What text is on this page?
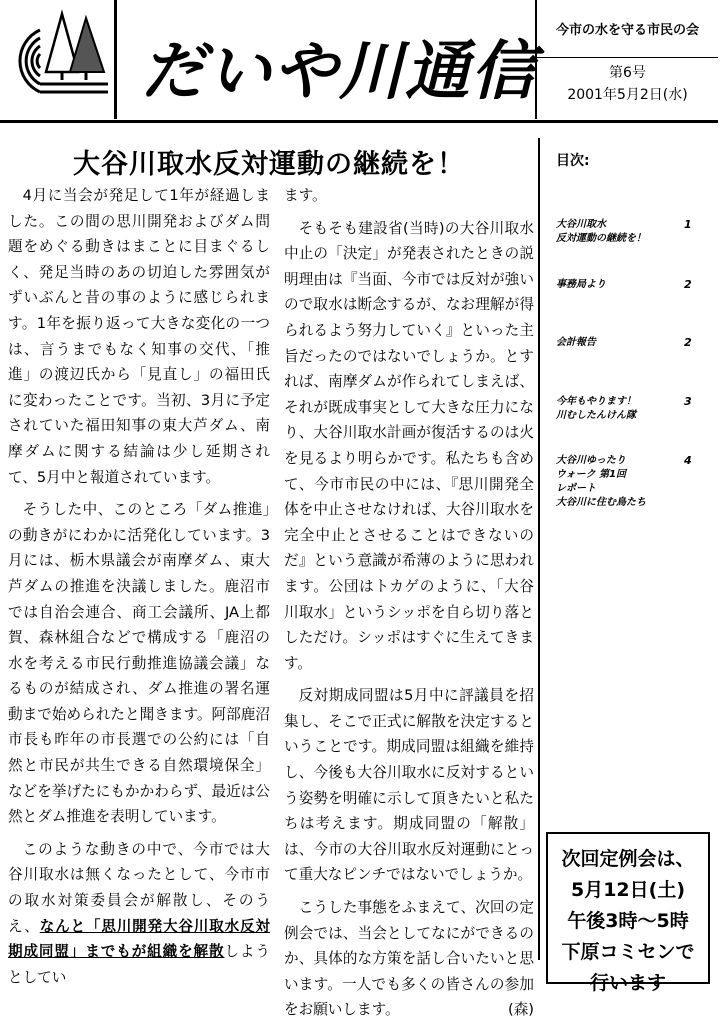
だいや川通信
今市の水を守る市民の会
第6号
2001年5月2日(水)
大谷川取水反対運動の継続を！

4月に当会が発足して1年が経過しました。この間の思川開発およびダム問題をめぐる動きはまことに目まぐるしく、発足当時のあの切迫した雰囲気がずいぶんと昔の事のように感じられます。1年を振り返って大きな変化の一つは、言うまでもなく知事の交代、「推進」の渡辺氏から「見直し」の福田氏に変わったことです。当初、3月に予定されていた福田知事の東大芦ダム、南摩ダムに関する結論は少し延期されて、5月中と報道されています。

そうした中、このところ「ダム推進」の動きがにわかに活発化しています。3月には、栃木県議会が南摩ダム、東大芦ダムの推進を決議しました。鹿沼市では自治会連合、商工会議所、JA上都賀、森林組合などで構成する「鹿沼の水を考える市民行動推進協議会議」なるものが結成され、ダム推進の署名運動まで始められたと聞きます。阿部鹿沼市長も昨年の市長選での公約には「自然と市民が共生できる自然環境保全」などを挙げたにもかかわらず、最近は公然とダム推進を表明しています。

このような動きの中で、今市では大谷川取水は無くなったとして、今市市の取水対策委員会が解散し、そのうえ、なんと「思川開発大谷川取水反対期成同盟」までもが組織を解散しようとしてい

ます。

そもそも建設省(当時)の大谷川取水中止の「決定」が発表されたときの説明理由は『当面、今市では反対が強いので取水は断念するが、なお理解が得られるよう努力していく』といった主旨だったのではないでしょうか。とすれば、南摩ダムが作られてしまえば、それが既成事実として大きな圧力になり、大谷川取水計画が復活するのは火を見るより明らかです。私たちも含めて、今市市民の中には、『思川開発全体を中止させなければ、大谷川取水を完全中止とさせることはできないのだ』という意識が希薄のように思われます。公団はトカゲのように、「大谷川取水」というシッポを自ら切り落としただけ。シッポはすぐに生えてきます。

反対期成同盟は5月中に評議員を招集し、そこで正式に解散を決定するということです。期成同盟は組織を維持し、今後も大谷川取水に反対するという姿勢を明確に示して頂きたいと私たちは考えます。期成同盟の「解散」は、今市の大谷川取水反対運動にとって重大なピンチではないでしょうか。

こうした事態をふまえて、次回の定例会では、当会としてなにができるのか、具体的な方策を話し合いたいと思います。一人でも多くの皆さんの参加をお願いします。	(森)

目次:
大谷川取水
反対運動の継続を！
1
事務局より	2
会計報告	2
今年もやります！
川むしたんけん隊
3
大谷川ゆったり
ウォーク 第1回
レポート
大谷川に住む鳥たち
4
次回定例会は、
5月12日(土)
午後3時～5時
下原コミセンで
行います
